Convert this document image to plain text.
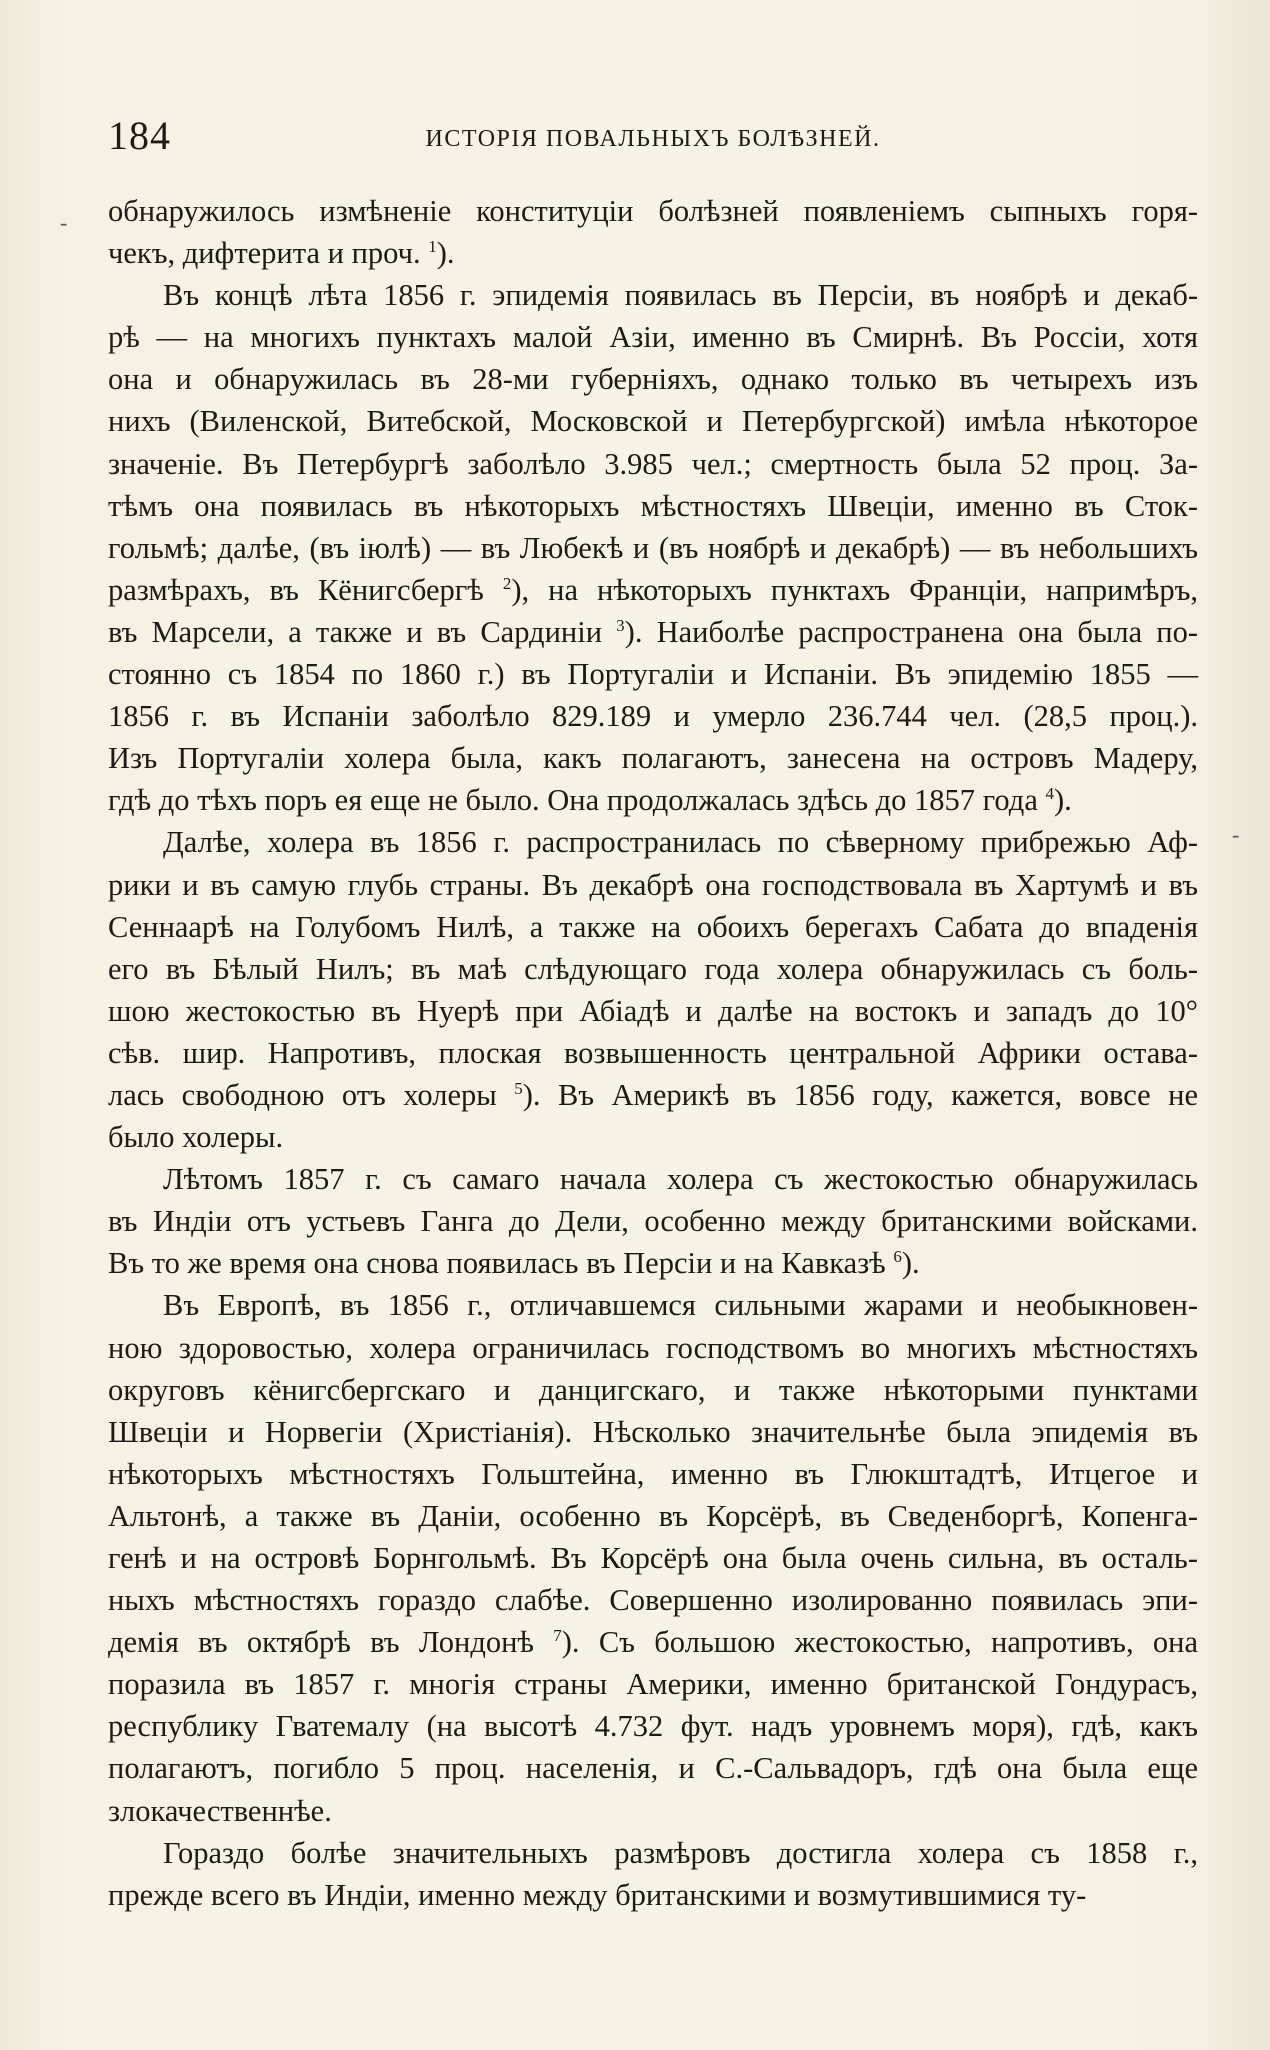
184	ИСТОРІЯ ПОВАЛЬНЫХЪ БОЛѢЗНЕЙ.

обнаружилось измѣненіе конституціи болѣзней появленіемъ сыпныхъ горя-
чекъ, дифтерита и проч. $^1$).

Въ концѣ лѣта 1856 г. эпидемія появилась въ Персіи, въ ноябрѣ и декаб-
рѣ — на многихъ пунктахъ малой Азіи, именно въ Смирнѣ. Въ Россіи, хотя
она и обнаружилась въ 28-ми губерніяхъ, однако только въ четырехъ изъ
нихъ (Виленской, Витебской, Московской и Петербургской) имѣла нѣкоторое
значеніе. Въ Петербургѣ заболѣло 3.985 чел.; смертность была 52 проц. За-
тѣмъ она появилась въ нѣкоторыхъ мѣстностяхъ Швеціи, именно въ Сток-
гольмѣ; далѣе, (въ іюлѣ) — въ Любекѣ и (въ ноябрѣ и декабрѣ) — въ небольшихъ
размѣрахъ, въ Кёнигсбергѣ $^2$), на нѣкоторыхъ пунктахъ Франціи, напримѣръ,
въ Марсели, а также и въ Сардиніи $^3$). Наиболѣе распространена она была по-
стоянно съ 1854 по 1860 г.) въ Португаліи и Испаніи. Въ эпидемію 1855 —
1856 г. въ Испаніи заболѣло 829.189 и умерло 236.744 чел. (28,5 проц.).
Изъ Португаліи холера была, какъ полагаютъ, занесена на островъ Мадеру,
гдѣ до тѣхъ поръ ея еще не было. Она продолжалась здѣсь до 1857 года $^4$).

Далѣе, холера въ 1856 г. распространилась по сѣверному прибрежью Аф-
рики и въ самую глубь страны. Въ декабрѣ она господствовала въ Хартумѣ и въ
Сеннаарѣ на Голубомъ Нилѣ, а также на обоихъ берегахъ Сабата до впаденія
его въ Бѣлый Нилъ; въ маѣ слѣдующаго года холера обнаружилась съ боль-
шою жестокостью въ Нуерѣ при Абіадѣ и далѣе на востокъ и западъ до 10°
сѣв. шир. Напротивъ, плоская возвышенность центральной Африки остава-
лась свободною отъ холеры $^5$). Въ Америкѣ въ 1856 году, кажется, вовсе не
было холеры.

Лѣтомъ 1857 г. съ самаго начала холера съ жестокостью обнаружилась
въ Индіи отъ устьевъ Ганга до Дели, особенно между британскими войсками.
Въ то же время она снова появилась въ Персіи и на Кавказѣ $^6$).

Въ Европѣ, въ 1856 г., отличавшемся сильными жарами и необыкновен-
ною здоровостью, холера ограничилась господствомъ во многихъ мѣстностяхъ
округовъ кёнигсбергскаго и данцигскаго, и также нѣкоторыми пунктами
Швеціи и Норвегіи (Христіанія). Нѣсколько значительнѣе была эпидемія въ
нѣкоторыхъ мѣстностяхъ Гольштейна, именно въ Глюкштадтѣ, Итцегое и
Альтонѣ, а также въ Даніи, особенно въ Корсёрѣ, въ Сведенборгѣ, Копенга-
генѣ и на островѣ Борнгольмѣ. Въ Корсёрѣ она была очень сильна, въ осталь-
ныхъ мѣстностяхъ гораздо слабѣе. Совершенно изолированно появилась эпи-
демія въ октябрѣ въ Лондонѣ $^7$). Съ большою жестокостью, напротивъ, она
поразила въ 1857 г. многія страны Америки, именно британской Гондурасъ,
республику Гватемалу (на высотѣ 4.732 фут. надъ уровнемъ моря), гдѣ, какъ
полагаютъ, погибло 5 проц. населенія, и С.-Сальвадоръ, гдѣ она была еще
злокачественнѣе.

Гораздо болѣе значительныхъ размѣровъ достигла холера съ 1858 г.,
прежде всего въ Индіи, именно между британскими и возмутившимися ту-

‐
-
